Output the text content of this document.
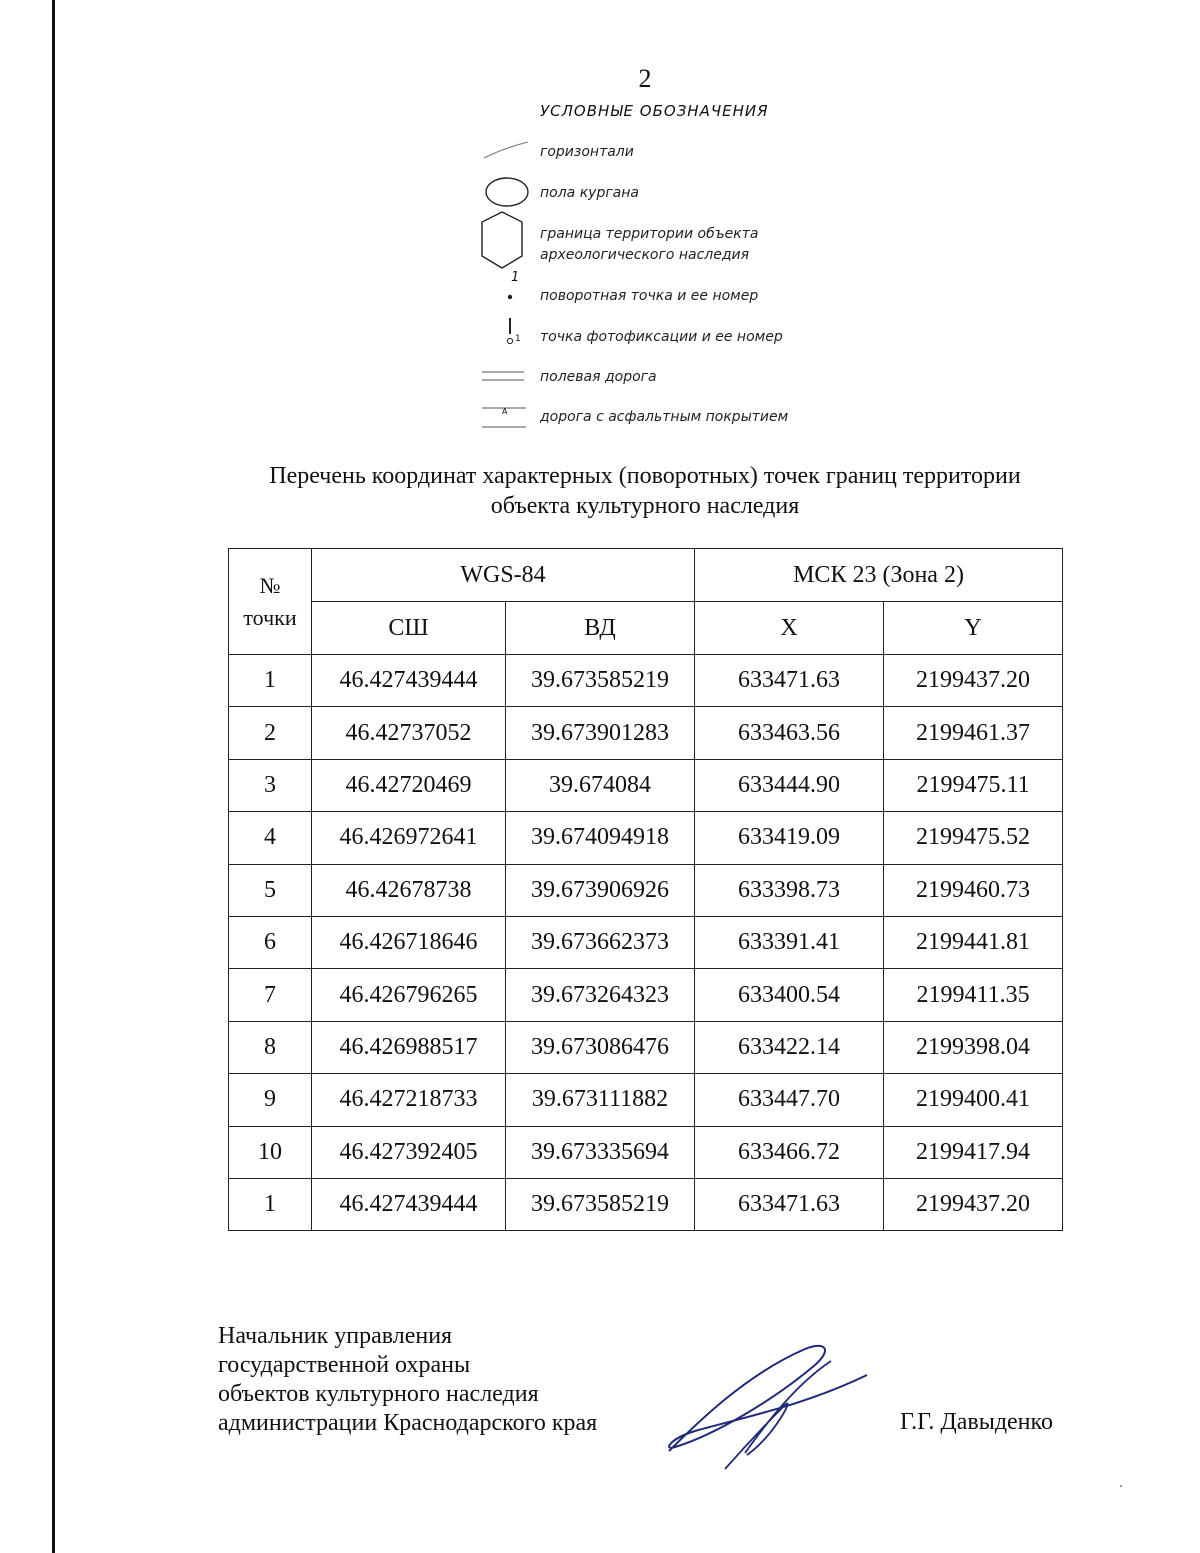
2
УСЛОВНЫЕ ОБОЗНАЧЕНИЯ
горизонтали
пола кургана
граница территории объекта
археологического наследия
1
поворотная точка и ее номер
1 точка фотофиксации и ее номер
полевая дорога
А дорога с асфальтным покрытием
Перечень координат характерных (поворотных) точек границ территории
объекта культурного наследия
№
точки	WGS-84		МСК 23 (Зона 2)	
	СШ	ВД	X	Y
1	46.427439444	39.673585219	633471.63	2199437.20
2	46.42737052	39.673901283	633463.56	2199461.37
3	46.42720469	39.674084	633444.90	2199475.11
4	46.426972641	39.674094918	633419.09	2199475.52
5	46.42678738	39.673906926	633398.73	2199460.73
6	46.426718646	39.673662373	633391.41	2199441.81
7	46.426796265	39.673264323	633400.54	2199411.35
8	46.426988517	39.673086476	633422.14	2199398.04
9	46.427218733	39.673111882	633447.70	2199400.41
10	46.427392405	39.673335694	633466.72	2199417.94
1	46.427439444	39.673585219	633471.63	2199437.20
Начальник управления
государственной охраны
объектов культурного наследия
администрации Краснодарского края	Г.Г. Давыденко
